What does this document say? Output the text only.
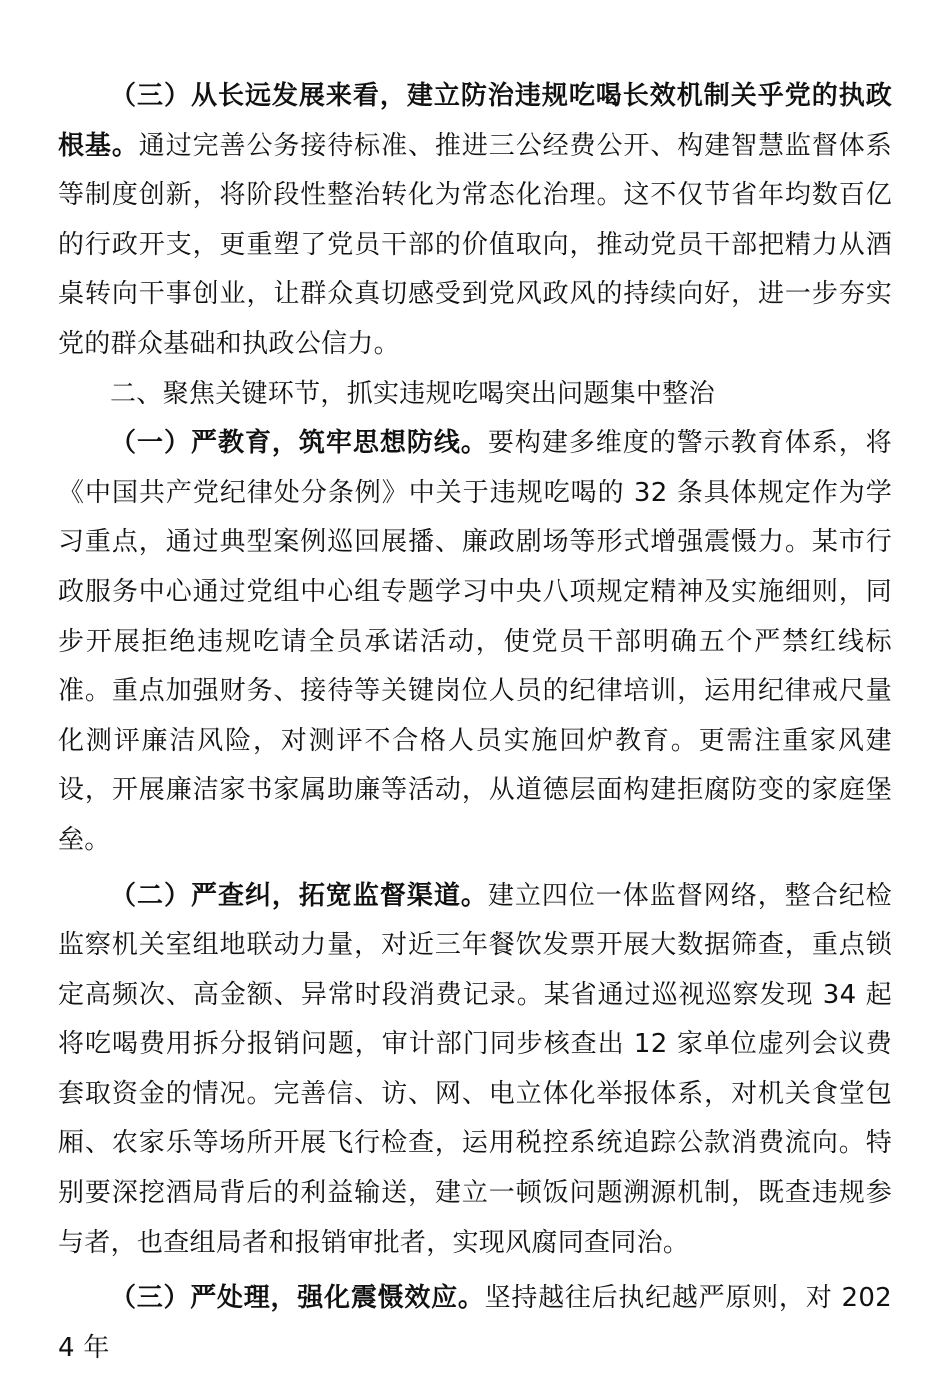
（三）从长远发展来看，建立防治违规吃喝长效机制关乎党的执政根基。通过完善公务接待标准、推进三公经费公开、构建智慧监督体系等制度创新，将阶段性整治转化为常态化治理。这不仅节省年均数百亿的行政开支，更重塑了党员干部的价值取向，推动党员干部把精力从酒桌转向干事创业，让群众真切感受到党风政风的持续向好，进一步夯实党的群众基础和执政公信力。

二、聚焦关键环节，抓实违规吃喝突出问题集中整治

（一）严教育，筑牢思想防线。要构建多维度的警示教育体系，将《中国共产党纪律处分条例》中关于违规吃喝的 32 条具体规定作为学习重点，通过典型案例巡回展播、廉政剧场等形式增强震慑力。某市行政服务中心通过党组中心组专题学习中央八项规定精神及实施细则，同步开展拒绝违规吃请全员承诺活动，使党员干部明确五个严禁红线标准。重点加强财务、接待等关键岗位人员的纪律培训，运用纪律戒尺量化测评廉洁风险，对测评不合格人员实施回炉教育。更需注重家风建设，开展廉洁家书家属助廉等活动，从道德层面构建拒腐防变的家庭堡垒。

（二）严查纠，拓宽监督渠道。建立四位一体监督网络，整合纪检监察机关室组地联动力量，对近三年餐饮发票开展大数据筛查，重点锁定高频次、高金额、异常时段消费记录。某省通过巡视巡察发现 34 起将吃喝费用拆分报销问题，审计部门同步核查出 12 家单位虚列会议费套取资金的情况。完善信、访、网、电立体化举报体系，对机关食堂包厢、农家乐等场所开展飞行检查，运用税控系统追踪公款消费流向。特别要深挖酒局背后的利益输送，建立一顿饭问题溯源机制，既查违规参与者，也查组局者和报销审批者，实现风腐同查同治。

（三）严处理，强化震慑效应。坚持越往后执纪越严原则，对 2024 年
